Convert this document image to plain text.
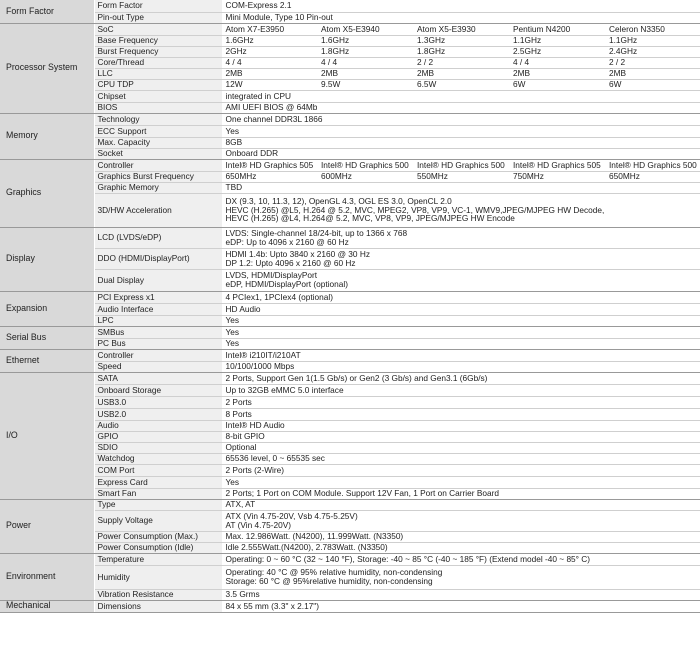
Form Factor	Form Factor	COM-Express 2.1				

	Pin-out Type	Mini Module, Type 10 Pin-out				

Processor System	SoC	Atom X7-E3950	Atom X5-E3940	Atom X5-E3930	Pentium N4200	Celeron N3350
	Base Frequency	1.6GHz	1.6GHz	1.3GHz	1.1GHz	1.1GHz
	Burst Frequency	2GHz	1.8GHz	1.8GHz	2.5GHz	2.4GHz
	Core/Thread	4 / 4	4 / 4	2 / 2	4 / 4	2 / 2
	LLC	2MB	2MB	2MB	2MB	2MB
	CPU TDP	12W	9.5W	6.5W	6W	6W
	Chipset	integrated in CPU				

	BIOS	AMI UEFI BIOS @ 64Mb				

Memory	Technology	One channel DDR3L 1866				

	ECC Support	Yes				

	Max. Capacity	8GB				

	Socket	Onboard DDR				

Graphics	Controller	Intel® HD Graphics 505	Intel® HD Graphics 500	Intel® HD Graphics 500	Intel® HD Graphics 505	Intel® HD Graphics 500
	Graphics Burst Frequency	650MHz	600MHz	550MHz	750MHz	650MHz
	Graphic Memory	TBD				

	3D/HW Acceleration	DX (9.3, 10, 11.3, 12), OpenGL 4.3, OGL ES 3.0, OpenCL 2.0
HEVC (H.265) @L5, H.264 @ 5.2, MVC, MPEG2, VP8, VP9, VC-1, WMV9,JPEG/MJPEG HW Decode,
HEVC (H.265) @L4, H.264@ 5.2, MVC, VP8, VP9, JPEG/MJPEG HW Encode				

Display	LCD (LVDS/eDP)	LVDS: Single-channel 18/24-bit, up to 1366 x 768
eDP: Up to 4096 x 2160 @ 60 Hz				

	DDO (HDMI/DisplayPort)	HDMI 1.4b: Upto 3840 x 2160 @ 30 Hz
DP 1.2: Upto 4096 x 2160 @ 60 Hz				

	Dual Display	LVDS, HDMI/DisplayPort
eDP, HDMI/DisplayPort (optional)				

Expansion	PCI Express x1	4 PCIex1, 1PCIex4 (optional)				

	Audio Interface	HD Audio				

	LPC	Yes				

Serial Bus	SMBus	Yes				

	PC Bus	Yes				

Ethernet	Controller	Intel® i210IT/i210AT				

	Speed	10/100/1000 Mbps				

I/O	SATA	2 Ports, Support Gen 1(1.5 Gb/s) or Gen2 (3 Gb/s) and Gen3.1 (6Gb/s)				

	Onboard Storage	Up to 32GB eMMC 5.0 interface				

	USB3.0	2 Ports				

	USB2.0	8 Ports				

	Audio	Intel® HD Audio				

	GPIO	8-bit GPIO				

	SDIO	Optional				

	Watchdog	65536 level, 0 ~ 65535 sec				

	COM Port	2 Ports (2-Wire)				

	Express Card	Yes				

	Smart Fan	2 Ports; 1 Port on COM Module. Support 12V Fan, 1 Port on Carrier Board				

Power	Type	ATX, AT				

	Supply Voltage	ATX (Vin 4.75-20V, Vsb 4.75-5.25V)
AT (Vin 4.75-20V)				

	Power Consumption (Max.)	Max. 12.986Watt. (N4200), 11.999Watt. (N3350)				

	Power Consumption (Idle)	Idle 2.555Watt.(N4200), 2.783Watt. (N3350)				

Environment	Temperature	Operating: 0 ~ 60 °C (32 ~ 140 °F), Storage: -40 ~ 85 °C (-40 ~ 185 °F) (Extend model -40 ~ 85° C)				

	Humidity	Operating: 40 °C @ 95% relative humidity, non-condensing
Storage: 60 °C @ 95%relative humidity, non-condensing				

	Vibration Resistance	3.5 Grms				

Mechanical	Dimensions	84 x 55 mm (3.3" x 2.17")				
